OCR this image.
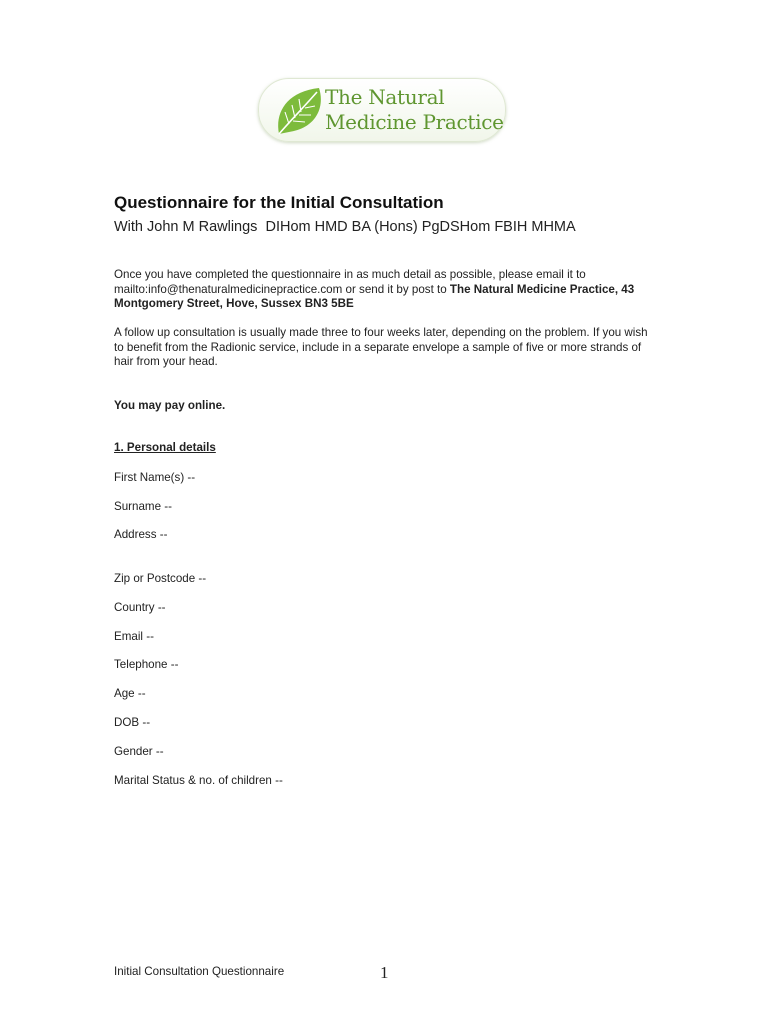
The Natural
Medicine Practice
Questionnaire for the Initial Consultation
With John M Rawlings  DIHom HMD BA (Hons) PgDSHom FBIH MHMA
Once you have completed the questionnaire in as much detail as possible, please email it to mailto:info@thenaturalmedicinepractice.com or send it by post to The Natural Medicine Practice, 43 Montgomery Street, Hove, Sussex BN3 5BE
A follow up consultation is usually made three to four weeks later, depending on the problem. If you wish to benefit from the Radionic service, include in a separate envelope a sample of five or more strands of hair from your head.
You may pay online.
1. Personal details
First Name(s) --
Surname --
Address --
Zip or Postcode --
Country --
Email --
Telephone --
Age --
DOB --
Gender --
Marital Status & no. of children --
Initial Consultation Questionnaire	1
